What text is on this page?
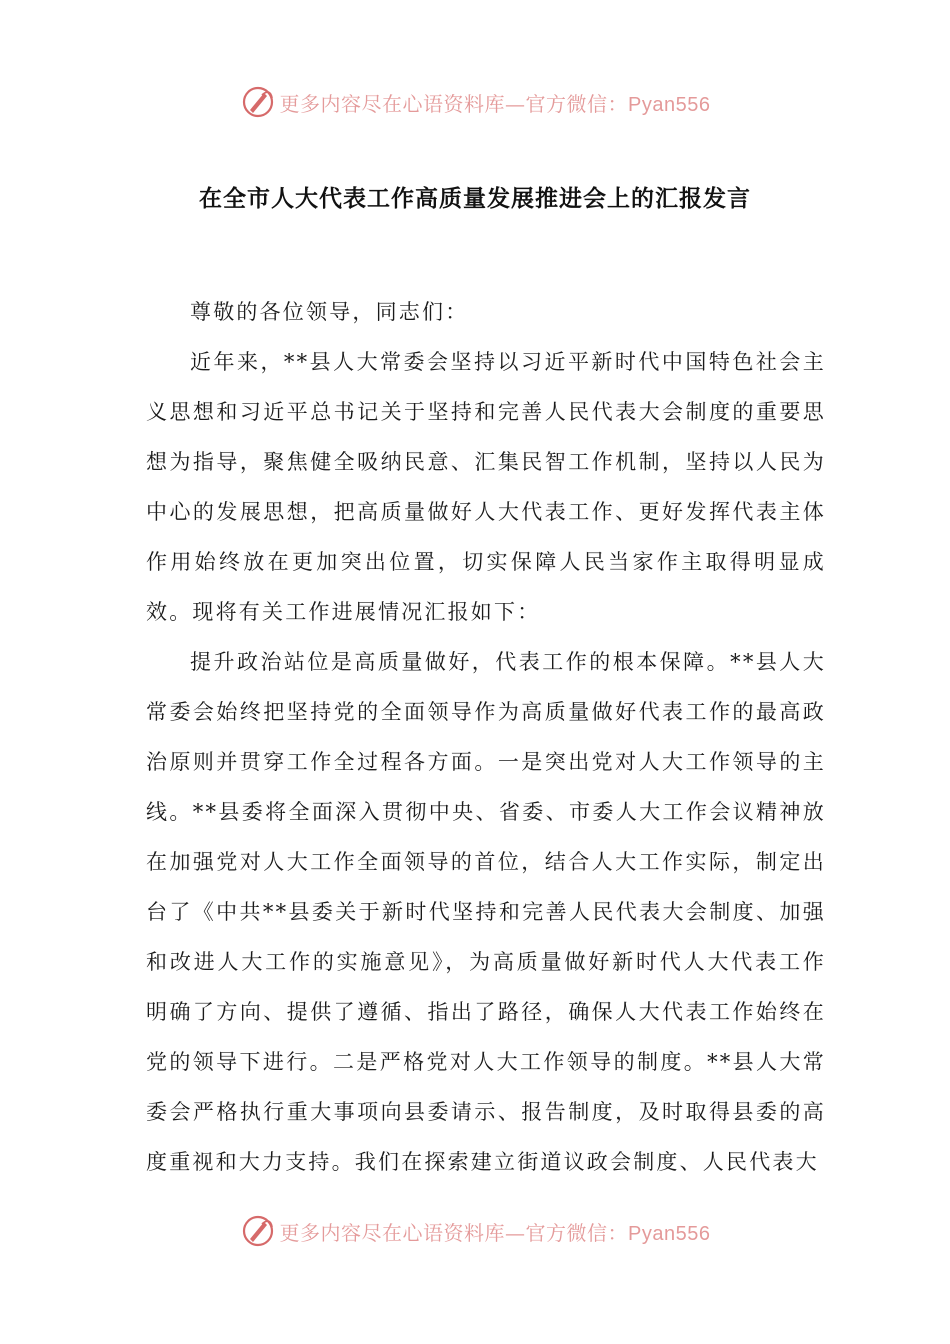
更多内容尽在心语资料库—官方微信：Pyan556
在全市人大代表工作高质量发展推进会上的汇报发言

尊敬的各位领导，同志们：

近年来，**县人大常委会坚持以习近平新时代中国特色社会主义思想和习近平总书记关于坚持和完善人民代表大会制度的重要思想为指导，聚焦健全吸纳民意、汇集民智工作机制，坚持以人民为中心的发展思想，把高质量做好人大代表工作、更好发挥代表主体作用始终放在更加突出位置，切实保障人民当家作主取得明显成效。现将有关工作进展情况汇报如下：

提升政治站位是高质量做好，代表工作的根本保障。**县人大常委会始终把坚持党的全面领导作为高质量做好代表工作的最高政治原则并贯穿工作全过程各方面。一是突出党对人大工作领导的主线。**县委将全面深入贯彻中央、省委、市委人大工作会议精神放在加强党对人大工作全面领导的首位，结合人大工作实际，制定出台了《中共**县委关于新时代坚持和完善人民代表大会制度、加强和改进人大工作的实施意见》，为高质量做好新时代人大代表工作明确了方向、提供了遵循、指出了路径，确保人大代表工作始终在党的领导下进行。二是严格党对人大工作领导的制度。**县人大常委会严格执行重大事项向县委请示、报告制度，及时取得县委的高度重视和大力支持。我们在探索建立街道议政会制度、人民代表大

更多内容尽在心语资料库—官方微信：Pyan556
